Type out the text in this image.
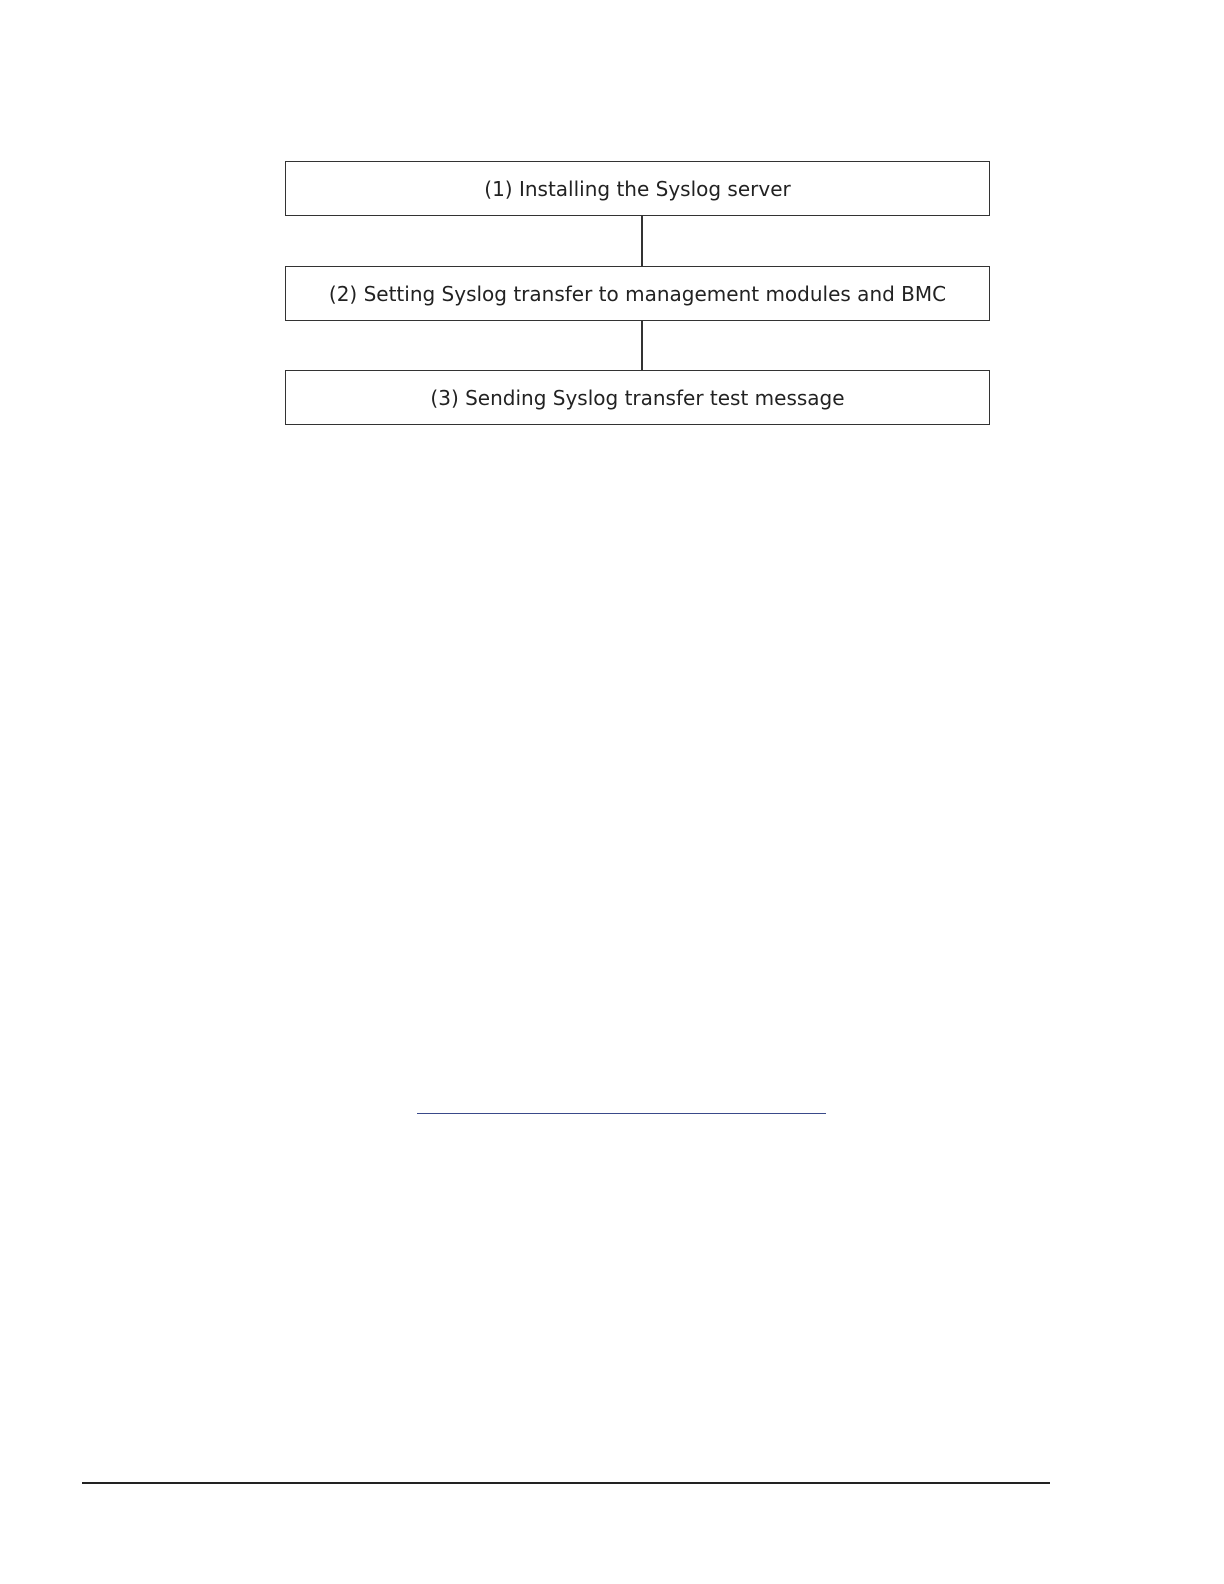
(1) Installing the Syslog server
(2) Setting Syslog transfer to management modules and BMC
(3) Sending Syslog transfer test message
